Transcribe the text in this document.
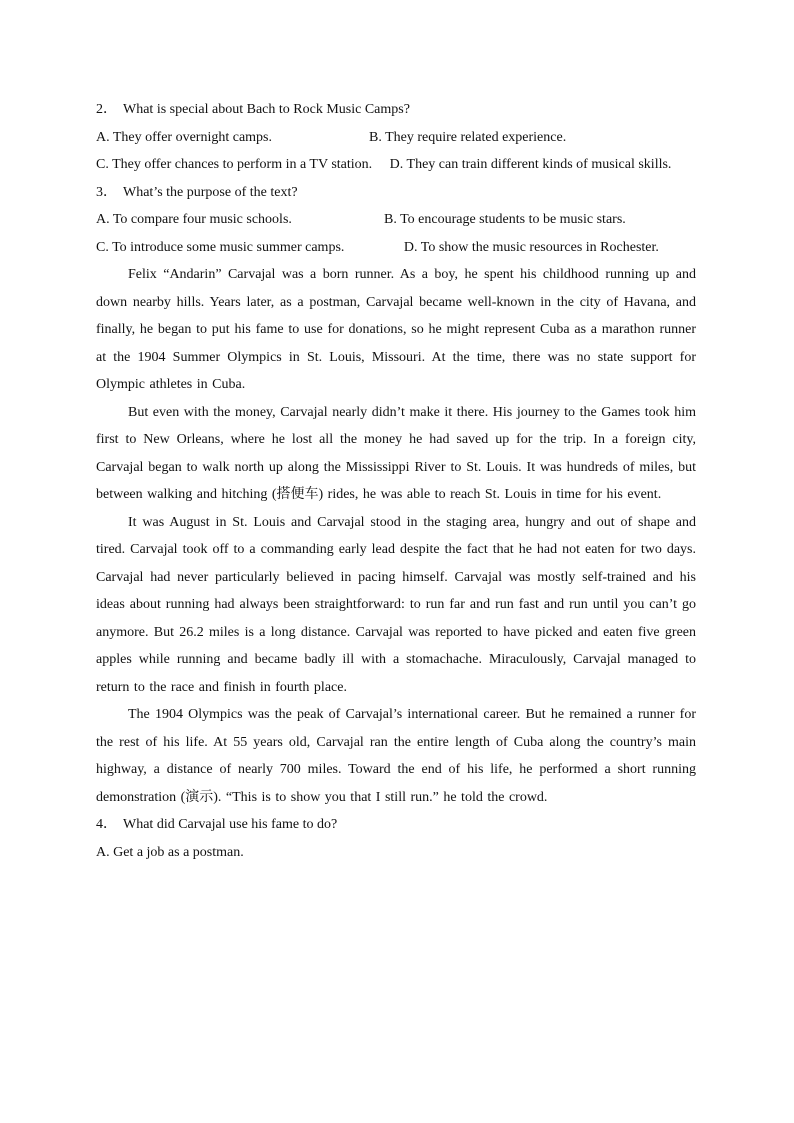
2． What is special about Bach to Rock Music Camps?
A. They offer overnight camps.	B. They require related experience.

C. They offer chances to perform in a TV station. D. They can train different kinds of musical skills.

3． What’s the purpose of the text?
A. To compare four music schools.	B. To encourage students to be music stars.

C. To introduce some music summer camps.	D. To show the music resources in Rochester.

Felix “Andarin” Carvajal was a born runner. As a boy, he spent his childhood running up and down nearby hills. Years later, as a postman, Carvajal became well-known in the city of Havana, and finally, he began to put his fame to use for donations, so he might represent Cuba as a marathon runner at the 1904 Summer Olympics in St. Louis, Missouri. At the time, there was no state support for Olympic athletes in Cuba.

But even with the money, Carvajal nearly didn’t make it there. His journey to the Games took him first to New Orleans, where he lost all the money he had saved up for the trip. In a foreign city, Carvajal began to walk north up along the Mississippi River to St. Louis. It was hundreds of miles, but between walking and hitching (搭便车) rides, he was able to reach St. Louis in time for his event.

It was August in St. Louis and Carvajal stood in the staging area, hungry and out of shape and tired. Carvajal took off to a commanding early lead despite the fact that he had not eaten for two days. Carvajal had never particularly believed in pacing himself. Carvajal was mostly self-trained and his ideas about running had always been straightforward: to run far and run fast and run until you can’t go anymore. But 26.2 miles is a long distance. Carvajal was reported to have picked and eaten five green apples while running and became badly ill with a stomachache. Miraculously, Carvajal managed to return to the race and finish in fourth place.

The 1904 Olympics was the peak of Carvajal’s international career. But he remained a runner for the rest of his life. At 55 years old, Carvajal ran the entire length of Cuba along the country’s main highway, a distance of nearly 700 miles. Toward the end of his life, he performed a short running demonstration (演示). “This is to show you that I still run.” he told the crowd.

4． What did Carvajal use his fame to do?
A. Get a job as a postman.
